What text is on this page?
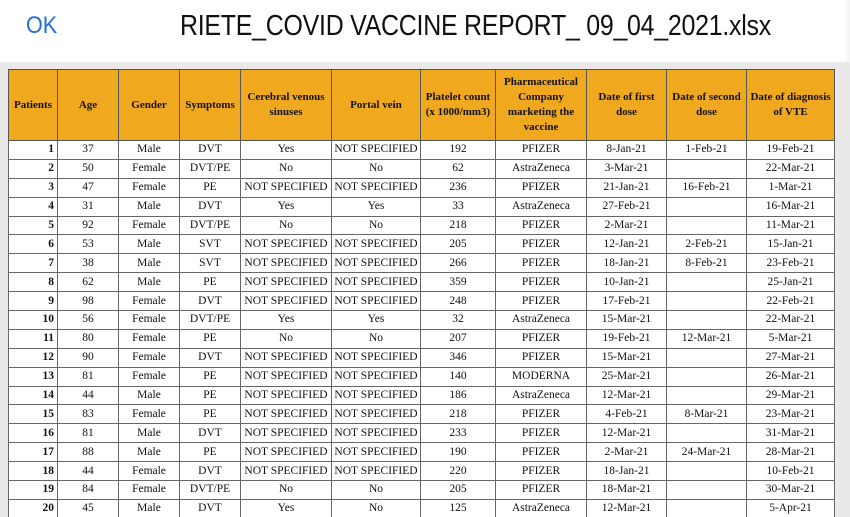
OK	RIETE_COVID VACCINE REPORT_ 09_04_2021.xlsx
Patients	Age	Gender	Symptoms	Cerebral venous sinuses	Portal vein	Platelet count (x 1000/mm3)	Pharmaceutical Company marketing the vaccine	Date of first dose	Date of second dose	Date of diagnosis of VTE
1	37	Male	DVT	Yes	NOT SPECIFIED	192	PFIZER	8-Jan-21	1-Feb-21	19-Feb-21
2	50	Female	DVT/PE	No	No	62	AstraZeneca	3-Mar-21		22-Mar-21
3	47	Female	PE	NOT SPECIFIED	NOT SPECIFIED	236	PFIZER	21-Jan-21	16-Feb-21	1-Mar-21
4	31	Male	DVT	Yes	Yes	33	AstraZeneca	27-Feb-21		16-Mar-21
5	92	Female	DVT/PE	No	No	218	PFIZER	2-Mar-21		11-Mar-21
6	53	Male	SVT	NOT SPECIFIED	NOT SPECIFIED	205	PFIZER	12-Jan-21	2-Feb-21	15-Jan-21
7	38	Male	SVT	NOT SPECIFIED	NOT SPECIFIED	266	PFIZER	18-Jan-21	8-Feb-21	23-Feb-21
8	62	Male	PE	NOT SPECIFIED	NOT SPECIFIED	359	PFIZER	10-Jan-21		25-Jan-21
9	98	Female	DVT	NOT SPECIFIED	NOT SPECIFIED	248	PFIZER	17-Feb-21		22-Feb-21
10	56	Female	DVT/PE	Yes	Yes	32	AstraZeneca	15-Mar-21		22-Mar-21
11	80	Female	PE	No	No	207	PFIZER	19-Feb-21	12-Mar-21	5-Mar-21
12	90	Female	DVT	NOT SPECIFIED	NOT SPECIFIED	346	PFIZER	15-Mar-21		27-Mar-21
13	81	Female	PE	NOT SPECIFIED	NOT SPECIFIED	140	MODERNA	25-Mar-21		26-Mar-21
14	44	Male	PE	NOT SPECIFIED	NOT SPECIFIED	186	AstraZeneca	12-Mar-21		29-Mar-21
15	83	Female	PE	NOT SPECIFIED	NOT SPECIFIED	218	PFIZER	4-Feb-21	8-Mar-21	23-Mar-21
16	81	Male	DVT	NOT SPECIFIED	NOT SPECIFIED	233	PFIZER	12-Mar-21		31-Mar-21
17	88	Male	PE	NOT SPECIFIED	NOT SPECIFIED	190	PFIZER	2-Mar-21	24-Mar-21	28-Mar-21
18	44	Female	DVT	NOT SPECIFIED	NOT SPECIFIED	220	PFIZER	18-Jan-21		10-Feb-21
19	84	Female	DVT/PE	No	No	205	PFIZER	18-Mar-21		30-Mar-21
20	45	Male	DVT	Yes	No	125	AstraZeneca	12-Mar-21		5-Apr-21
